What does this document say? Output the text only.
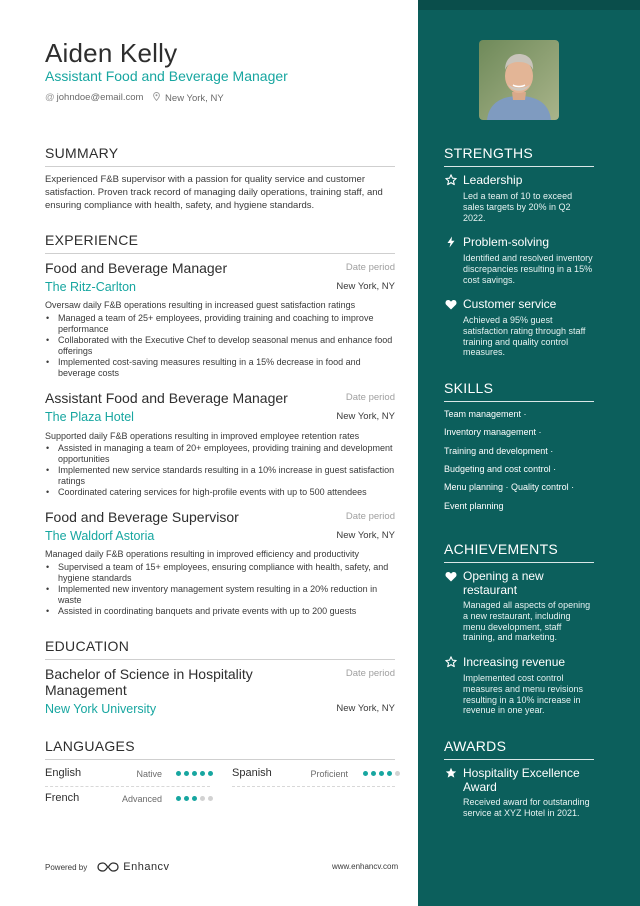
Aiden Kelly
Assistant Food and Beverage Manager
@ johndoe@email.com	New York, NY
SUMMARY
Experienced F&B supervisor with a passion for quality service and customer satisfaction. Proven track record of managing daily operations, training staff, and ensuring compliance with health, safety, and hygiene standards.
EXPERIENCE
Food and Beverage Manager	Date period
The Ritz-Carlton	New York, NY
Oversaw daily F&B operations resulting in increased guest satisfaction ratings
• Managed a team of 25+ employees, providing training and coaching to improve performance
• Collaborated with the Executive Chef to develop seasonal menus and enhance food offerings
• Implemented cost-saving measures resulting in a 15% decrease in food and beverage costs
Assistant Food and Beverage Manager	Date period
The Plaza Hotel	New York, NY
Supported daily F&B operations resulting in improved employee retention rates
• Assisted in managing a team of 20+ employees, providing training and development opportunities
• Implemented new service standards resulting in a 10% increase in guest satisfaction ratings
• Coordinated catering services for high-profile events with up to 500 attendees
Food and Beverage Supervisor	Date period
The Waldorf Astoria	New York, NY
Managed daily F&B operations resulting in improved efficiency and productivity
• Supervised a team of 15+ employees, ensuring compliance with health, safety, and hygiene standards
• Implemented new inventory management system resulting in a 20% reduction in waste
• Assisted in coordinating banquets and private events with up to 200 guests
EDUCATION
Bachelor of Science in Hospitality Management
Date period
New York University	New York, NY
LANGUAGES
English	Native	Spanish	Proficient
French	Advanced
Powered by	Enhancv	www.enhancv.com
STRENGTHS
Leadership
Led a team of 10 to exceed sales targets by 20% in Q2 2022.
Problem-solving
Identified and resolved inventory discrepancies resulting in a 15% cost savings.
Customer service
Achieved a 95% guest satisfaction rating through staff training and quality control measures.
SKILLS
Team management ·
Inventory management ·
Training and development ·
Budgeting and cost control ·
Menu planning · Quality control ·
Event planning
ACHIEVEMENTS
Opening a new restaurant
Managed all aspects of opening a new restaurant, including menu development, staff training, and marketing.
Increasing revenue
Implemented cost control measures and menu revisions resulting in a 10% increase in revenue in one year.
AWARDS
Hospitality Excellence Award
Received award for outstanding service at XYZ Hotel in 2021.
